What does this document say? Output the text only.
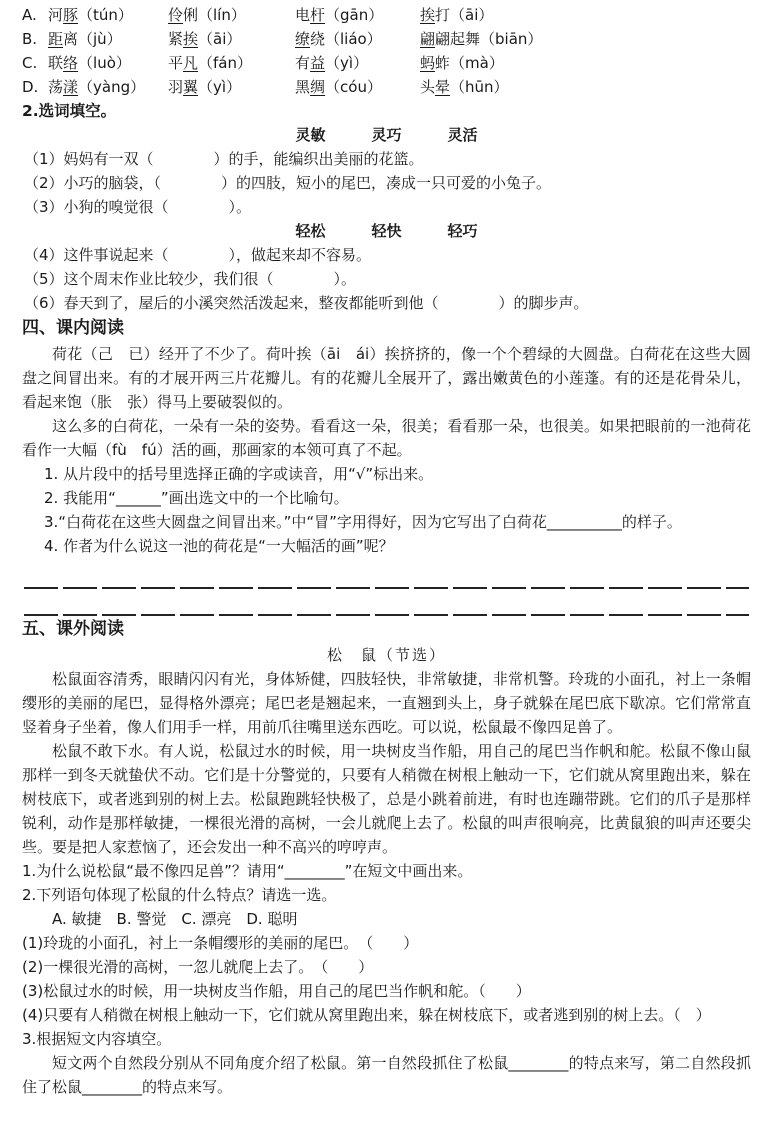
A. 河豚（tún）	伶俐（lín）	电杆（gān）	挨打（āi）
B. 距离（jù）	紧挨（āi）	缭绕（liáo）	翩翩起舞（biān）
C. 联络（luò）	平凡（fán）	有益（yì）	蚂蚱（mà）
D. 荡漾（yàng）	羽翼（yì）	黑绸（cóu）	头晕（hūn）
2.选词填空。
灵敏	灵巧	灵活
（1）妈妈有一双（　　　　）的手，能编织出美丽的花篮。
（2）小巧的脑袋，（　　　　）的四肢，短小的尾巴，凑成一只可爱的小兔子。
（3）小狗的嗅觉很（　　　　）。
轻松	轻快	轻巧
（4）这件事说起来（　　　　），做起来却不容易。
（5）这个周末作业比较少，我们很（　　　　）。
（6）春天到了，屋后的小溪突然活泼起来，整夜都能听到他（　　　　）的脚步声。
四、课内阅读

荷花（己　已）经开了不少了。荷叶挨（āi　ái）挨挤挤的，像一个个碧绿的大圆盘。白荷花在这些大圆盘之间冒出来。有的才展开两三片花瓣儿。有的花瓣儿全展开了，露出嫩黄色的小莲蓬。有的还是花骨朵儿，看起来饱（胀　张）得马上要破裂似的。

这么多的白荷花，一朵有一朵的姿势。看看这一朵，很美；看看那一朵，也很美。如果把眼前的一池荷花看作一大幅（fù　fú）活的画，那画家的本领可真了不起。

1. 从片段中的括号里选择正确的字或读音，用“√”标出来。
2. 我能用“______”画出选文中的一个比喻句。
3.“白荷花在这些大圆盘之间冒出来。”中“冒”字用得好，因为它写出了白荷花__________的样子。
4. 作者为什么说这一池的荷花是“一大幅活的画”呢？
五、课外阅读
松　鼠（节选）

松鼠面容清秀，眼睛闪闪有光，身体矫健，四肢轻快，非常敏捷，非常机警。玲珑的小面孔，衬上一条帽缨形的美丽的尾巴，显得格外漂亮；尾巴老是翘起来，一直翘到头上，身子就躲在尾巴底下歇凉。它们常常直竖着身子坐着，像人们用手一样，用前爪往嘴里送东西吃。可以说，松鼠最不像四足兽了。

松鼠不敢下水。有人说，松鼠过水的时候，用一块树皮当作船，用自己的尾巴当作帆和舵。松鼠不像山鼠那样一到冬天就蛰伏不动。它们是十分警觉的，只要有人稍微在树根上触动一下，它们就从窝里跑出来，躲在树枝底下，或者逃到别的树上去。松鼠跑跳轻快极了，总是小跳着前进，有时也连蹦带跳。它们的爪子是那样锐利，动作是那样敏捷，一棵很光滑的高树，一会儿就爬上去了。松鼠的叫声很响亮，比黄鼠狼的叫声还要尖些。要是把人家惹恼了，还会发出一种不高兴的哼哼声。

1.为什么说松鼠“最不像四足兽”？请用“________”在短文中画出来。
2.下列语句体现了松鼠的什么特点？请选一选。
A. 敏捷　B. 警觉　C. 漂亮　D. 聪明
(1)玲珑的小面孔，衬上一条帽缨形的美丽的尾巴。　（　　）
(2)一棵很光滑的高树，一忽儿就爬上去了。　（　　）
(3)松鼠过水的时候，用一块树皮当作船，用自己的尾巴当作帆和舵。（　　）
(4)只要有人稍微在树根上触动一下，它们就从窝里跑出来，躲在树枝底下，或者逃到别的树上去。（　）
3.根据短文内容填空。

短文两个自然段分别从不同角度介绍了松鼠。第一自然段抓住了松鼠________的特点来写，第二自然段抓住了松鼠________的特点来写。
